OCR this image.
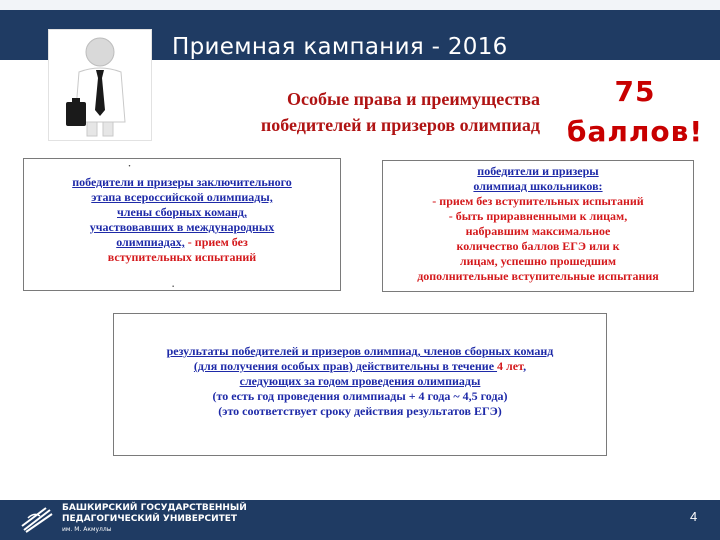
Приемная кампания - 2016
Особые права и преимущества
победителей и призеров олимпиад
75
баллов!
·
победители и призеры заключительного
этапа всероссийской олимпиады,
члены сборных команд,
участвовавших в международных
олимпиадах, - прием без
вступительных испытаний
.
победители и призеры
олимпиад школьников:
- прием без вступительных испытаний
- быть приравненными к лицам,
набравшим максимальное
количество баллов ЕГЭ или к
лицам, успешно прошедшим
дополнительные вступительные испытания
результаты победителей и призеров олимпиад, членов сборных команд
(для получения особых прав) действительны в течение 4 лет,
следующих за годом проведения олимпиады
(то есть год проведения олимпиады + 4 года ~ 4,5 года)
(это соответствует сроку действия результатов ЕГЭ)
БАШКИРСКИЙ ГОСУДАРСТВЕННЫЙ
ПЕДАГОГИЧЕСКИЙ УНИВЕРСИТЕТ
им. М. Акмуллы
4
